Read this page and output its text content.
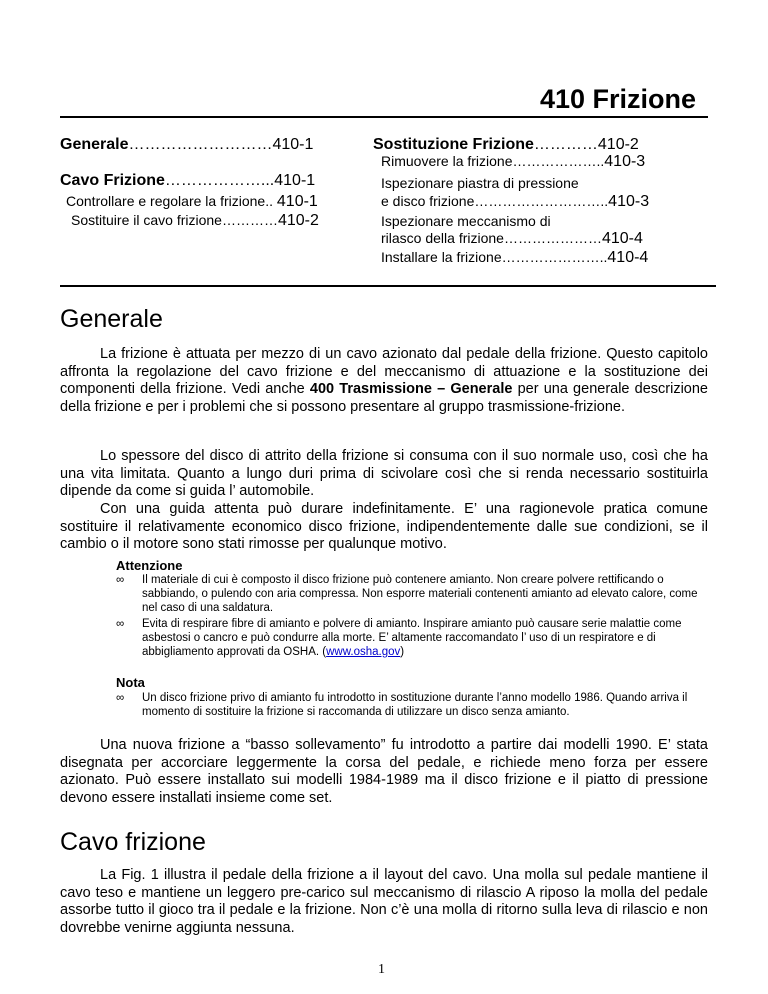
410 Frizione
Generale………………………410-1
Cavo Frizione………………...410-1
Controllare e regolare la frizione.. 410-1
Sostituire il cavo frizione…………410-2
Sostituzione Frizione…………410-2
Rimuovere la frizione………………..410-3
Ispezionare piastra di pressione
e disco frizione………………………..410-3
Ispezionare meccanismo di
rilasco della frizione…………………410-4
Installare la frizione…………………..410-4
Generale
La frizione è attuata per mezzo di un cavo azionato dal pedale della frizione. Questo capitolo affronta la regolazione del cavo frizione e del meccanismo di attuazione e la sostituzione dei componenti della frizione. Vedi anche 400 Trasmissione – Generale per una generale descrizione della frizione e per i problemi che si possono presentare al gruppo trasmissione-frizione.
Lo spessore del disco di attrito della frizione si consuma con il suo normale uso, così che ha una vita limitata. Quanto a lungo duri prima di scivolare così che si renda necessario sostituirla dipende da come si guida l’ automobile.
Con una guida attenta può durare indefinitamente. E’ una ragionevole pratica comune sostituire il relativamente economico disco frizione, indipendentemente dalle sue condizioni, se il cambio o il motore sono stati rimosse per qualunque motivo.
Attenzione
∞ Il materiale di cui è composto il disco frizione può contenere amianto. Non creare polvere rettificando o sabbiando, o pulendo con aria compressa. Non esporre materiali contenenti amianto ad elevato calore, come nel caso di una saldatura.
∞ Evita di respirare fibre di amianto e polvere di amianto. Inspirare amianto può causare serie malattie come asbestosi o cancro e può condurre alla morte. E’ altamente raccomandato l’ uso di un respiratore e di abbigliamento approvati da OSHA. (www.osha.gov)
Nota
∞ Un disco frizione privo di amianto fu introdotto in sostituzione durante l’anno modello 1986. Quando arriva il momento di sostituire la frizione si raccomanda di utilizzare un disco senza amianto.
Una nuova frizione a “basso sollevamento” fu introdotto a partire dai modelli 1990. E’ stata disegnata per accorciare leggermente la corsa del pedale, e richiede meno forza per essere azionato. Può essere installato sui modelli 1984-1989 ma il disco frizione e il piatto di pressione devono essere installati insieme come set.
Cavo frizione
La Fig. 1 illustra il pedale della frizione a il layout del cavo. Una molla sul pedale mantiene il cavo teso e mantiene un leggero pre-carico sul meccanismo di rilascio A riposo la molla del pedale assorbe tutto il gioco tra il pedale e la frizione. Non c’è una molla di ritorno sulla leva di rilascio e non dovrebbe venirne aggiunta nessuna.
1
